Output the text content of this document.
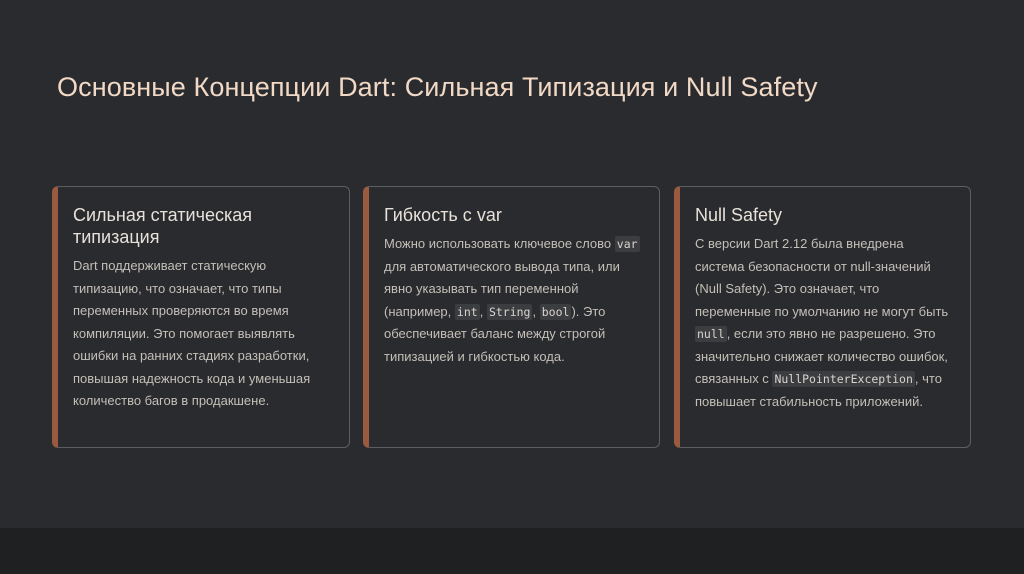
Основные Концепции Dart: Сильная Типизация и Null Safety
Сильная статическая типизация

Dart поддерживает статическую типизацию, что означает, что типы переменных проверяются во время компиляции. Это помогает выявлять ошибки на ранних стадиях разработки, повышая надежность кода и уменьшая количество багов в продакшене.

Гибкость с var

Можно использовать ключевое слово var для автоматического вывода типа, или явно указывать тип переменной (например, int , String , bool ). Это обеспечивает баланс между строгой типизацией и гибкостью кода.

Null Safety

С версии Dart 2.12 была внедрена система безопасности от null-значений (Null Safety). Это означает, что переменные по умолчанию не могут быть null , если это явно не разрешено. Это значительно снижает количество ошибок, связанных с NullPointerException , что повышает стабильность приложений.
